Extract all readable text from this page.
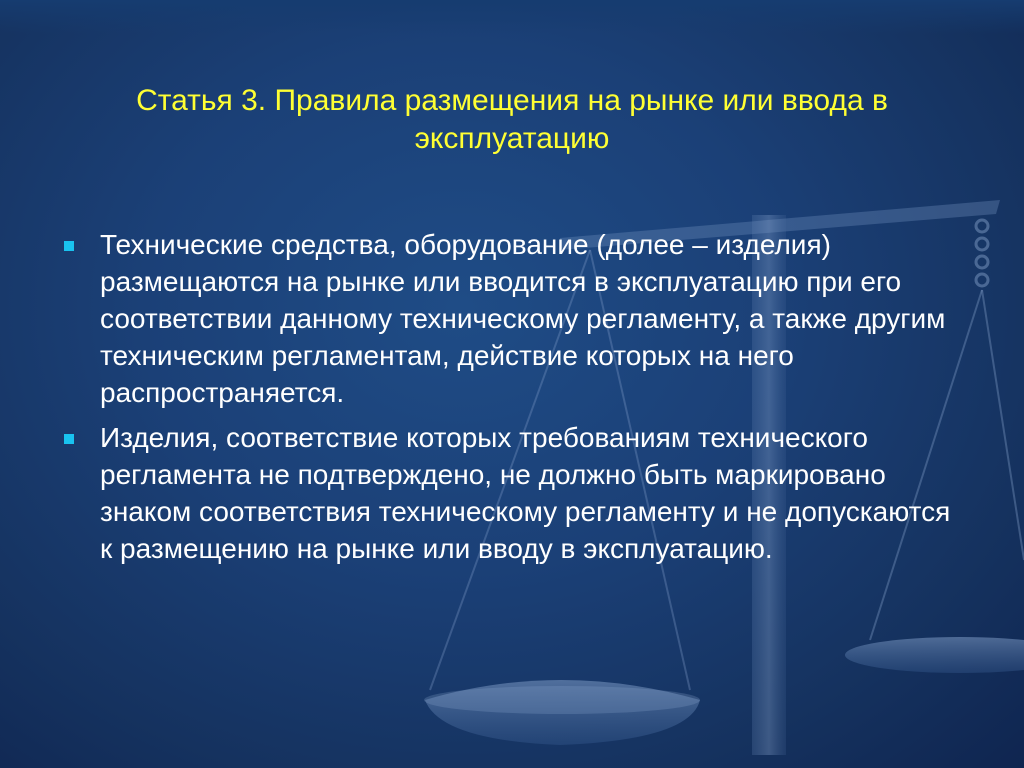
Статья 3. Правила размещения на рынке или ввода в эксплуатацию
Технические средства, оборудование (долее – изделия) размещаются на рынке или вводится в эксплуатацию при его соответствии данному техническому регламенту, а также другим техническим регламентам, действие которых на него распространяется.
Изделия, соответствие которых требованиям технического регламента не подтверждено, не должно быть маркировано знаком соответствия техническому регламенту и не допускаются к размещению на рынке или вводу в эксплуатацию.
